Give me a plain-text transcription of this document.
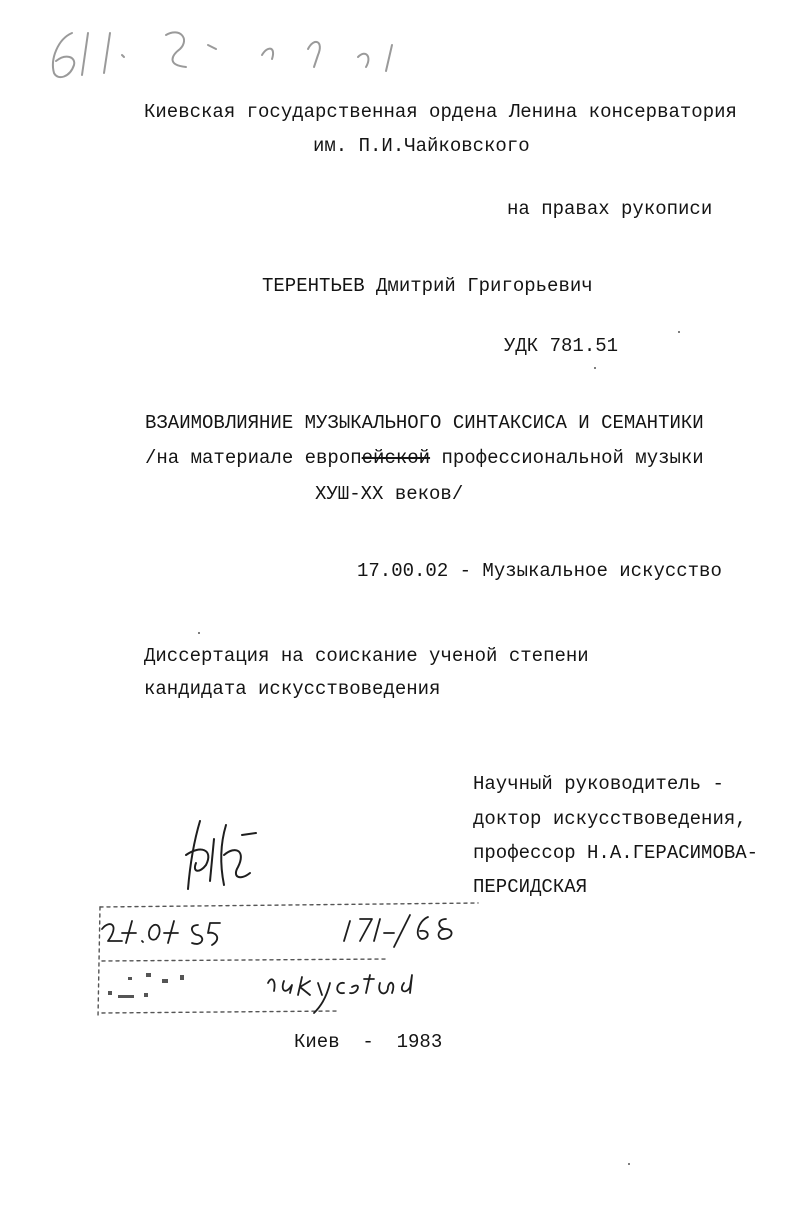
Киевская государственная ордена Ленина консерватория
им. П.И.Чайковского
на правах рукописи
ТЕРЕНТЬЕВ Дмитрий Григорьевич
УДК 781.51
ВЗАИМОВЛИЯНИЕ МУЗЫКАЛЬНОГО СИНТАКСИСА И СЕМАНТИКИ
/на материале европейской профессиональной музыки
ХУШ-ХХ веков/
17.00.02 - Музыкальное искусство
Диссертация на соискание ученой степени
кандидата искусствоведения
Научный руководитель -
доктор искусствоведения,
профессор Н.А.ГЕРАСИМОВА-
ПЕРСИДСКАЯ
Киев  -  1983
